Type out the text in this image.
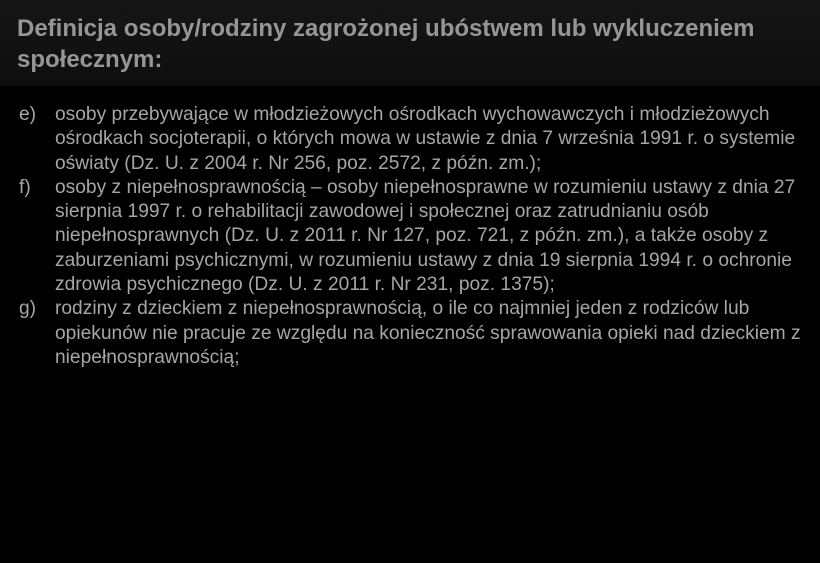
Definicja osoby/rodziny zagrożonej ubóstwem lub wykluczeniem społecznym:
e) osoby przebywające w młodzieżowych ośrodkach wychowawczych i młodzieżowych ośrodkach socjoterapii, o których mowa w ustawie z dnia 7 września 1991 r. o systemie oświaty (Dz. U. z 2004 r. Nr 256, poz. 2572, z późn. zm.);
f)	osoby z niepełnosprawnością – osoby niepełnosprawne w rozumieniu ustawy z dnia 27 sierpnia 1997 r. o rehabilitacji zawodowej i społecznej oraz zatrudnianiu osób niepełnosprawnych (Dz. U. z 2011 r. Nr 127, poz. 721, z późn. zm.), a także osoby z zaburzeniami psychicznymi, w rozumieniu ustawy z dnia 19 sierpnia 1994 r. o ochronie zdrowia psychicznego (Dz. U. z 2011 r. Nr 231, poz. 1375);
g) rodziny z dzieckiem z niepełnosprawnością, o ile co najmniej jeden z rodziców lub opiekunów nie pracuje ze względu na konieczność sprawowania opieki nad dzieckiem z niepełnosprawnością;
